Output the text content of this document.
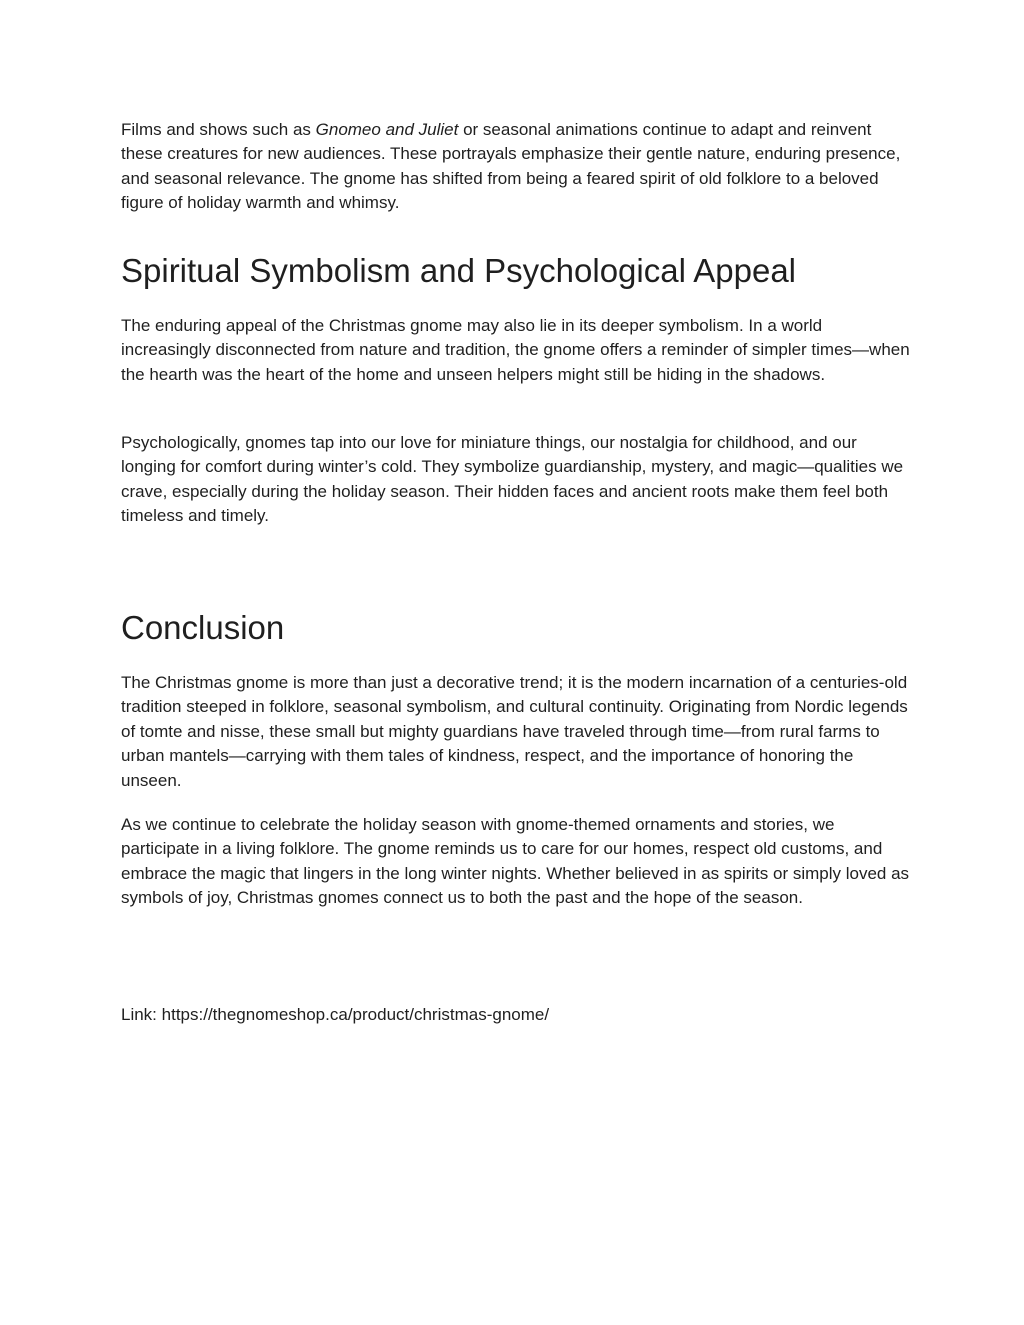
Films and shows such as Gnomeo and Juliet or seasonal animations continue to adapt and reinvent these creatures for new audiences. These portrayals emphasize their gentle nature, enduring presence, and seasonal relevance. The gnome has shifted from being a feared spirit of old folklore to a beloved figure of holiday warmth and whimsy.

Spiritual Symbolism and Psychological Appeal

The enduring appeal of the Christmas gnome may also lie in its deeper symbolism. In a world increasingly disconnected from nature and tradition, the gnome offers a reminder of simpler times—when the hearth was the heart of the home and unseen helpers might still be hiding in the shadows.

Psychologically, gnomes tap into our love for miniature things, our nostalgia for childhood, and our longing for comfort during winter’s cold. They symbolize guardianship, mystery, and magic—qualities we crave, especially during the holiday season. Their hidden faces and ancient roots make them feel both timeless and timely.

Conclusion

The Christmas gnome is more than just a decorative trend; it is the modern incarnation of a centuries-old tradition steeped in folklore, seasonal symbolism, and cultural continuity. Originating from Nordic legends of tomte and nisse, these small but mighty guardians have traveled through time—from rural farms to urban mantels—carrying with them tales of kindness, respect, and the importance of honoring the unseen.

As we continue to celebrate the holiday season with gnome-themed ornaments and stories, we participate in a living folklore. The gnome reminds us to care for our homes, respect old customs, and embrace the magic that lingers in the long winter nights. Whether believed in as spirits or simply loved as symbols of joy, Christmas gnomes connect us to both the past and the hope of the season.

Link: https://thegnomeshop.ca/product/christmas-gnome/
